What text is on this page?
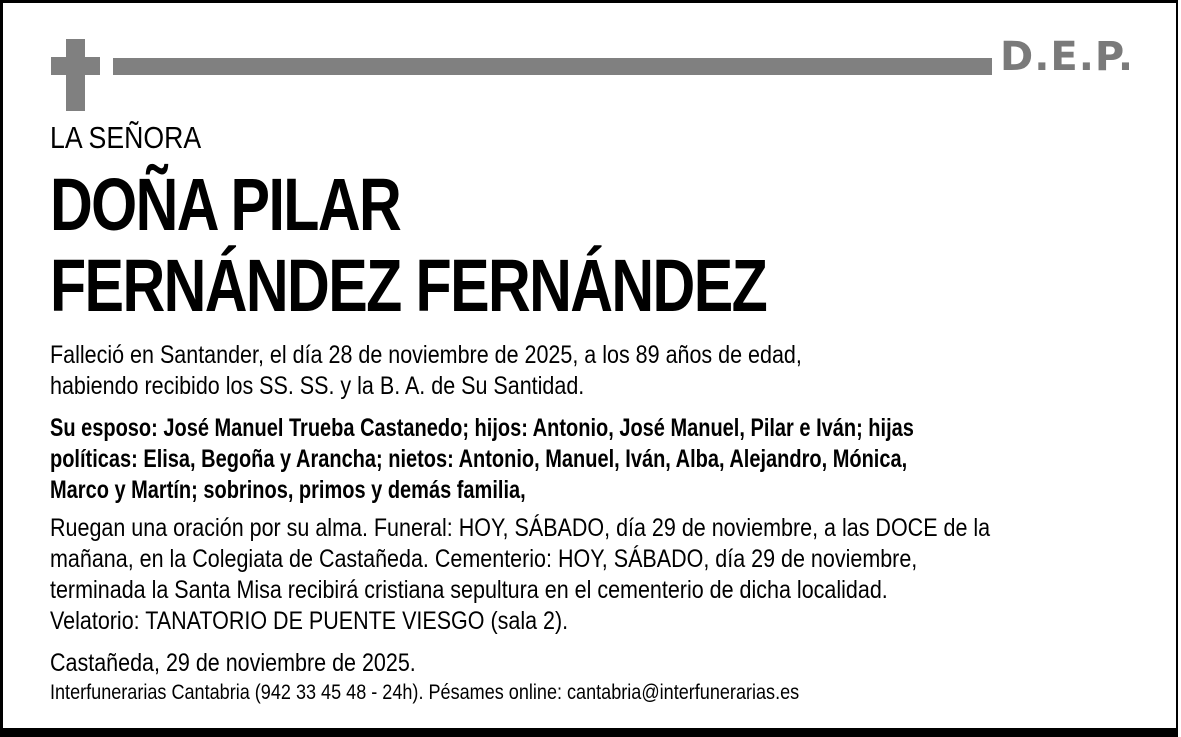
D.E.P.
LA SEÑORA
DOÑA PILAR
FERNÁNDEZ FERNÁNDEZ
Falleció en Santander, el día 28 de noviembre de 2025, a los 89 años de edad,
habiendo recibido los SS. SS. y la B. A. de Su Santidad.
Su esposo: José Manuel Trueba Castanedo; hijos: Antonio, José Manuel, Pilar e Iván; hijas
políticas: Elisa, Begoña y Arancha; nietos: Antonio, Manuel, Iván, Alba, Alejandro, Mónica,
Marco y Martín; sobrinos, primos y demás familia,
Ruegan una oración por su alma. Funeral: HOY, SÁBADO, día 29 de noviembre, a las DOCE de la
mañana, en la Colegiata de Castañeda. Cementerio: HOY, SÁBADO, día 29 de noviembre,
terminada la Santa Misa recibirá cristiana sepultura en el cementerio de dicha localidad.
Velatorio: TANATORIO DE PUENTE VIESGO (sala 2).
Castañeda, 29 de noviembre de 2025.
Interfunerarias Cantabria (942 33 45 48 - 24h). Pésames online: cantabria@interfunerarias.es
